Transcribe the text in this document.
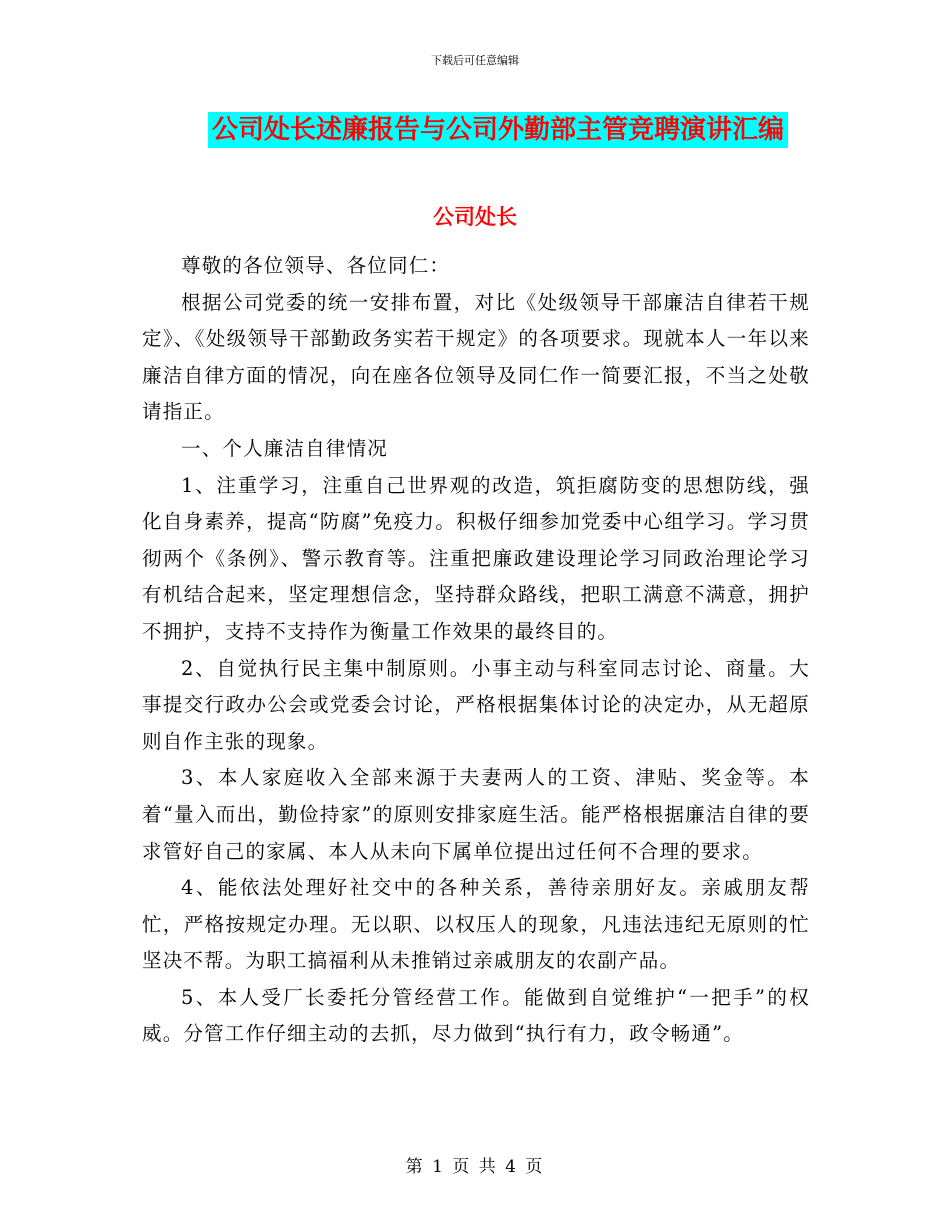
下载后可任意编辑
公司处长述廉报告与公司外勤部主管竞聘演讲汇编
公司处长

尊敬的各位领导、各位同仁：

根据公司党委的统一安排布置，对比《处级领导干部廉洁自律若干规定》、《处级领导干部勤政务实若干规定》的各项要求。现就本人一年以来廉洁自律方面的情况，向在座各位领导及同仁作一简要汇报，不当之处敬请指正。

一、个人廉洁自律情况

1、注重学习，注重自己世界观的改造，筑拒腐防变的思想防线，强化自身素养，提高“防腐”免疫力。积极仔细参加党委中心组学习。学习贯彻两个《条例》、警示教育等。注重把廉政建设理论学习同政治理论学习有机结合起来，坚定理想信念，坚持群众路线，把职工满意不满意，拥护不拥护，支持不支持作为衡量工作效果的最终目的。

2、自觉执行民主集中制原则。小事主动与科室同志讨论、商量。大事提交行政办公会或党委会讨论，严格根据集体讨论的决定办，从无超原则自作主张的现象。

3、本人家庭收入全部来源于夫妻两人的工资、津贴、奖金等。本着“量入而出，勤俭持家”的原则安排家庭生活。能严格根据廉洁自律的要求管好自己的家属、本人从未向下属单位提出过任何不合理的要求。

4、能依法处理好社交中的各种关系，善待亲朋好友。亲戚朋友帮忙，严格按规定办理。无以职、以权压人的现象，凡违法违纪无原则的忙坚决不帮。为职工搞福利从未推销过亲戚朋友的农副产品。

5、本人受厂长委托分管经营工作。能做到自觉维护“一把手”的权威。分管工作仔细主动的去抓，尽力做到“执行有力，政令畅通”。

第 1 页 共 4 页
